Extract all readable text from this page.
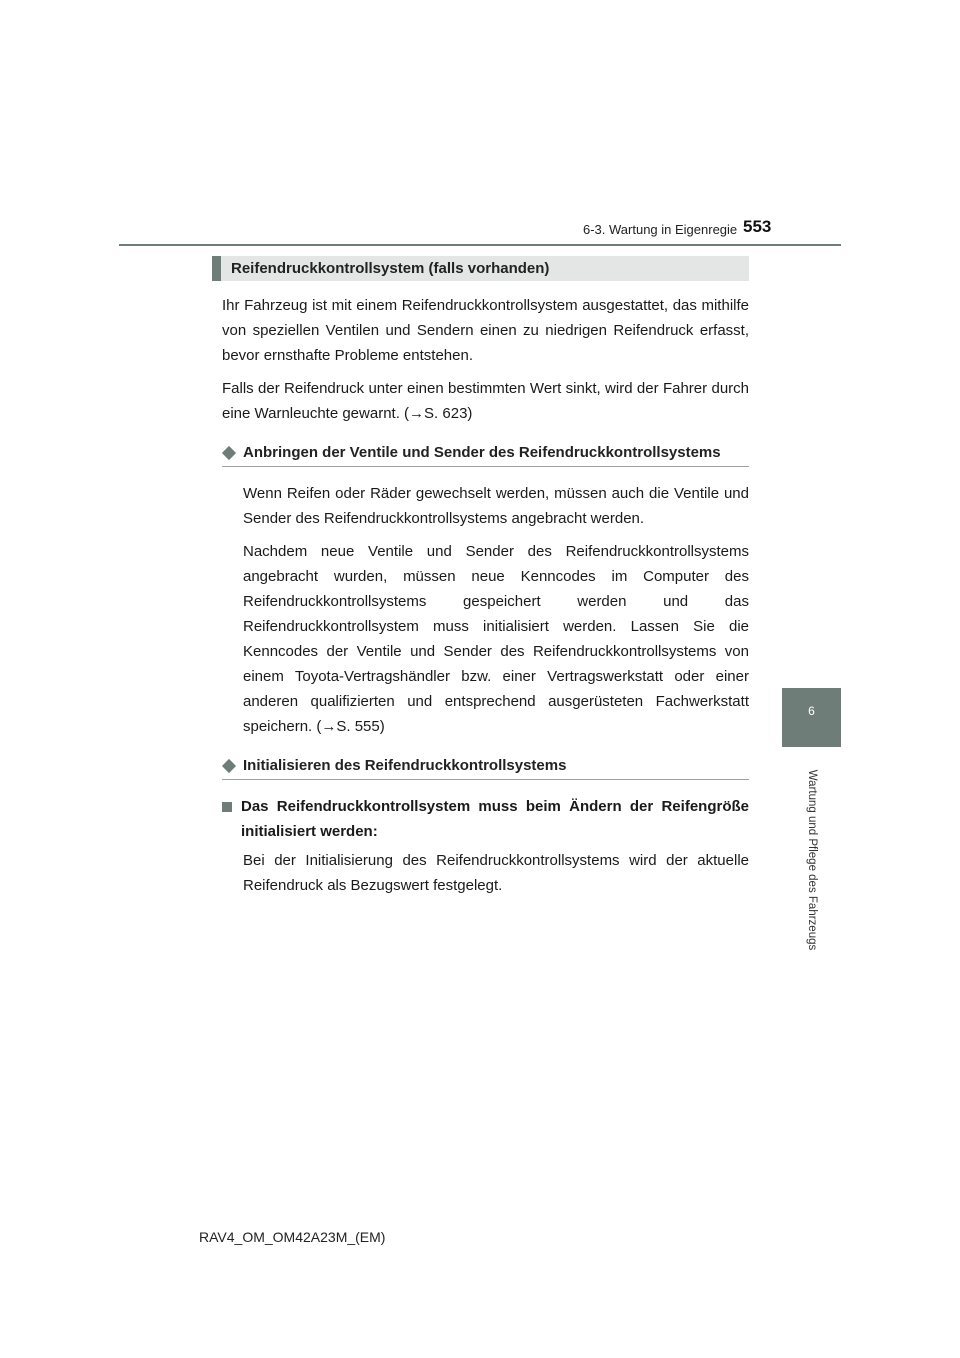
6-3. Wartung in Eigenregie 553
6
Wartung und Pflege des Fahrzeugs
Reifendruckkontrollsystem (falls vorhanden)

Ihr Fahrzeug ist mit einem Reifendruckkontrollsystem ausgestattet, das mithilfe von speziellen Ventilen und Sendern einen zu niedrigen Reifendruck erfasst, bevor ernsthafte Probleme entstehen.

Falls der Reifendruck unter einen bestimmten Wert sinkt, wird der Fahrer durch eine Warnleuchte gewarnt. (→S. 623)

Anbringen der Ventile und Sender des Reifendruckkontrollsystems

Wenn Reifen oder Räder gewechselt werden, müssen auch die Ventile und Sender des Reifendruckkontrollsystems angebracht werden.

Nachdem neue Ventile und Sender des Reifendruckkontrollsystems angebracht wurden, müssen neue Kenncodes im Computer des Reifendruckkontrollsystems gespeichert werden und das Reifendruckkontrollsystem muss initialisiert werden. Lassen Sie die Kenncodes der Ventile und Sender des Reifendruckkontrollsystems von einem Toyota-Vertragshändler bzw. einer Vertragswerkstatt oder einer anderen qualifizierten und entsprechend ausgerüsteten Fachwerkstatt speichern. (→S. 555)

Initialisieren des Reifendruckkontrollsystems
Das Reifendruckkontrollsystem muss beim Ändern der Reifengröße initialisiert werden:

Bei der Initialisierung des Reifendruckkontrollsystems wird der aktuelle Reifendruck als Bezugswert festgelegt.

RAV4_OM_OM42A23M_(EM)
